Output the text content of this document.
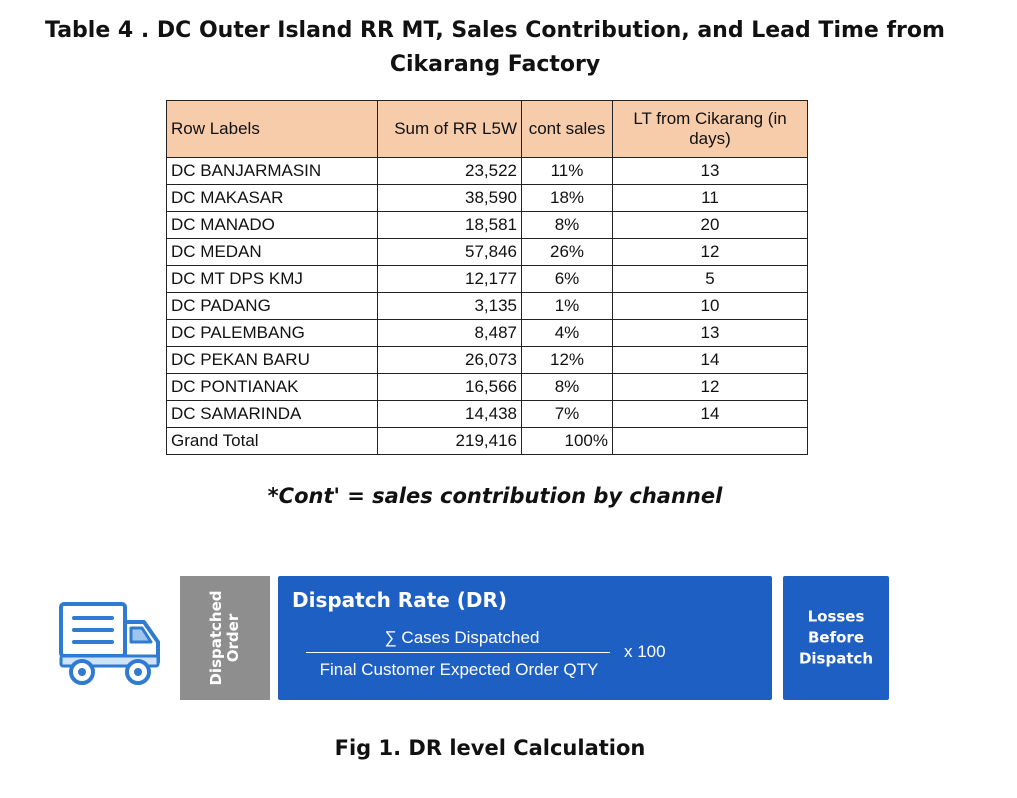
Table 4 . DC Outer Island RR MT, Sales Contribution, and Lead Time from
Cikarang Factory
Row Labels	Sum of RR L5W	cont sales	LT from Cikarang (in days)
DC BANJARMASIN	23,522	11%	13
DC MAKASAR	38,590	18%	11
DC MANADO	18,581	8%	20
DC MEDAN	57,846	26%	12
DC MT DPS KMJ	12,177	6%	5
DC PADANG	3,135	1%	10
DC PALEMBANG	8,487	4%	13
DC PEKAN BARU	26,073	12%	14
DC PONTIANAK	16,566	8%	12
DC SAMARINDA	14,438	7%	14
Grand Total	219,416	100%	
*Cont' = sales contribution by channel
Dispatched Order
Dispatch Rate (DR)
∑ Cases Dispatched
Final Customer Expected Order QTY
x 100
Losses
Before
Dispatch
Fig 1. DR level Calculation
